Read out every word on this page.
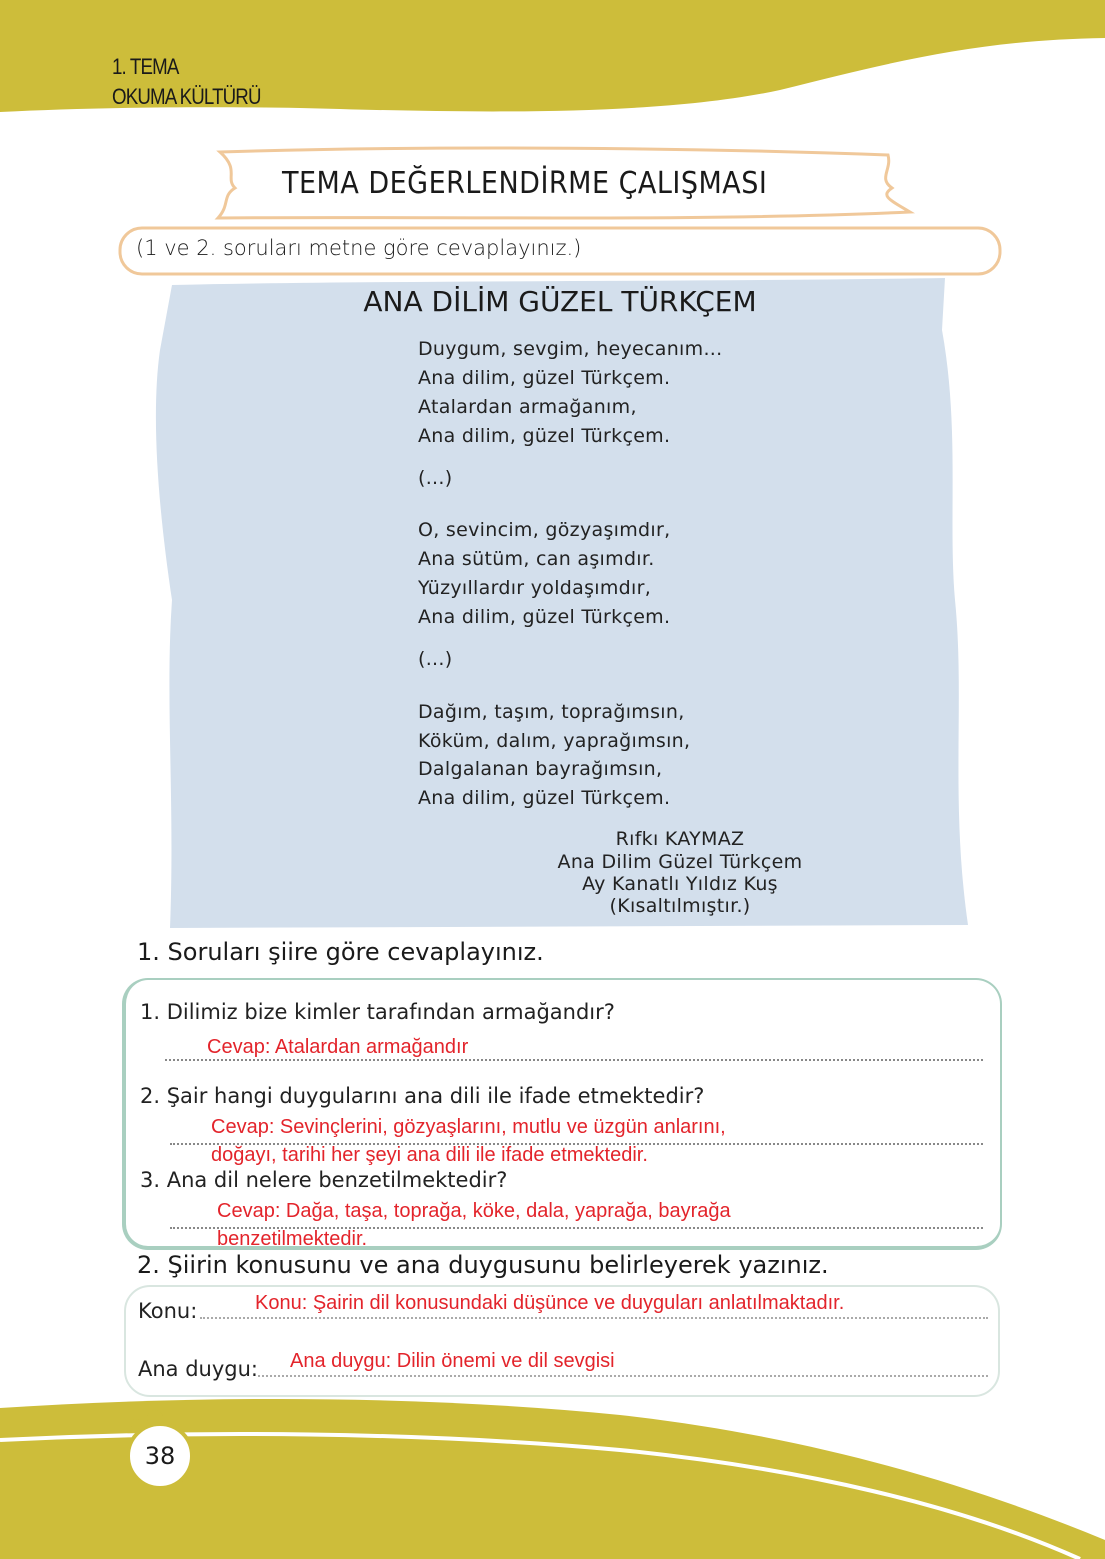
1. TEMA
OKUMA KÜLTÜRÜ
TEMA DEĞERLENDİRME ÇALIŞMASI
(1 ve 2. soruları metne göre cevaplayınız.)
ANA DİLİM GÜZEL TÜRKÇEM
Duygum, sevgim, heyecanım...
Ana dilim, güzel Türkçem.
Atalardan armağanım,
Ana dilim, güzel Türkçem.
(...)
O, sevincim, gözyaşımdır,
Ana sütüm, can aşımdır.
Yüzyıllardır yoldaşımdır,
Ana dilim, güzel Türkçem.
(...)
Dağım, taşım, toprağımsın,
Köküm, dalım, yaprağımsın,
Dalgalanan bayrağımsın,
Ana dilim, güzel Türkçem.
Rıfkı KAYMAZ
Ana Dilim Güzel Türkçem
Ay Kanatlı Yıldız Kuş
(Kısaltılmıştır.)
1. Soruları şiire göre cevaplayınız.
1. Dilimiz bize kimler tarafından armağandır?
Cevap: Atalardan armağandır
2. Şair hangi duygularını ana dili ile ifade etmektedir?
Cevap: Sevinçlerini, gözyaşlarını, mutlu ve üzgün anlarını,
doğayı, tarihi her şeyi ana dili ile ifade etmektedir.
3. Ana dil nelere benzetilmektedir?
Cevap: Dağa, taşa, toprağa, köke, dala, yaprağa, bayrağa
benzetilmektedir.
2. Şiirin konusunu ve ana duygusunu belirleyerek yazınız.
Konu:	Konu: Şairin dil konusundaki düşünce ve duyguları anlatılmaktadır.
Ana duygu: Ana duygu: Dilin önemi ve dil sevgisi
38
